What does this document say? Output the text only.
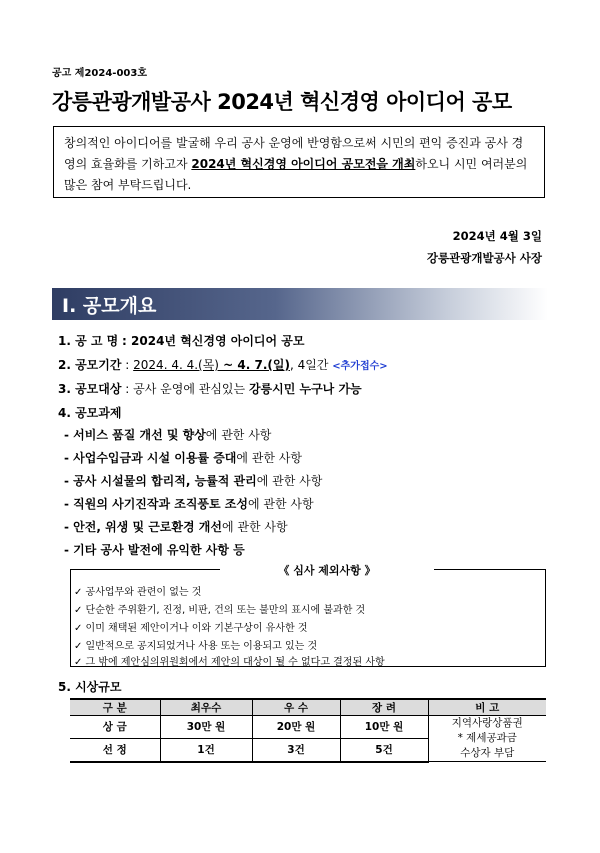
공고 제2024-003호
강릉관광개발공사 2024년 혁신경영 아이디어 공모
창의적인 아이디어를 발굴해 우리 공사 운영에 반영함으로써 시민의 편익 증진과 공사 경영의 효율화를 기하고자 2024년 혁신경영 아이디어 공모전을 개최하오니 시민 여러분의 많은 참여 부탁드립니다.
2024년 4월 3일
강릉관광개발공사 사장
Ⅰ. 공모개요
1. 공 고 명 : 2024년 혁신경영 아이디어 공모
2. 공모기간 : 2024. 4. 4.(목) ~ 4. 7.(일), 4일간 <추가접수>
3. 공모대상 : 공사 운영에 관심있는 강릉시민 누구나 가능
4. 공모과제
- 서비스 품질 개선 및 향상에 관한 사항
- 사업수입금과 시설 이용률 증대에 관한 사항
- 공사 시설물의 합리적, 능률적 관리에 관한 사항
- 직원의 사기진작과 조직풍토 조성에 관한 사항
- 안전, 위생 및 근로환경 개선에 관한 사항
- 기타 공사 발전에 유익한 사항 등
《 심사 제외사항 》
✓ 공사업무와 관련이 없는 것
✓ 단순한 주위환기, 진정, 비판, 건의 또는 불만의 표시에 불과한 것
✓ 이미 채택된 제안이거나 이와 기본구상이 유사한 것
✓ 일반적으로 공지되었거나 사용 또는 이용되고 있는 것
✓ 그 밖에 제안심의위원회에서 제안의 대상이 될 수 없다고 결정된 사항
5. 시상규모
구 분	최우수	우 수	장 려	비 고
상 금	30만 원	20만 원	10만 원	지역사랑상품권
* 제세공과금
수상자 부담

선 정	1건	3건	5건	
